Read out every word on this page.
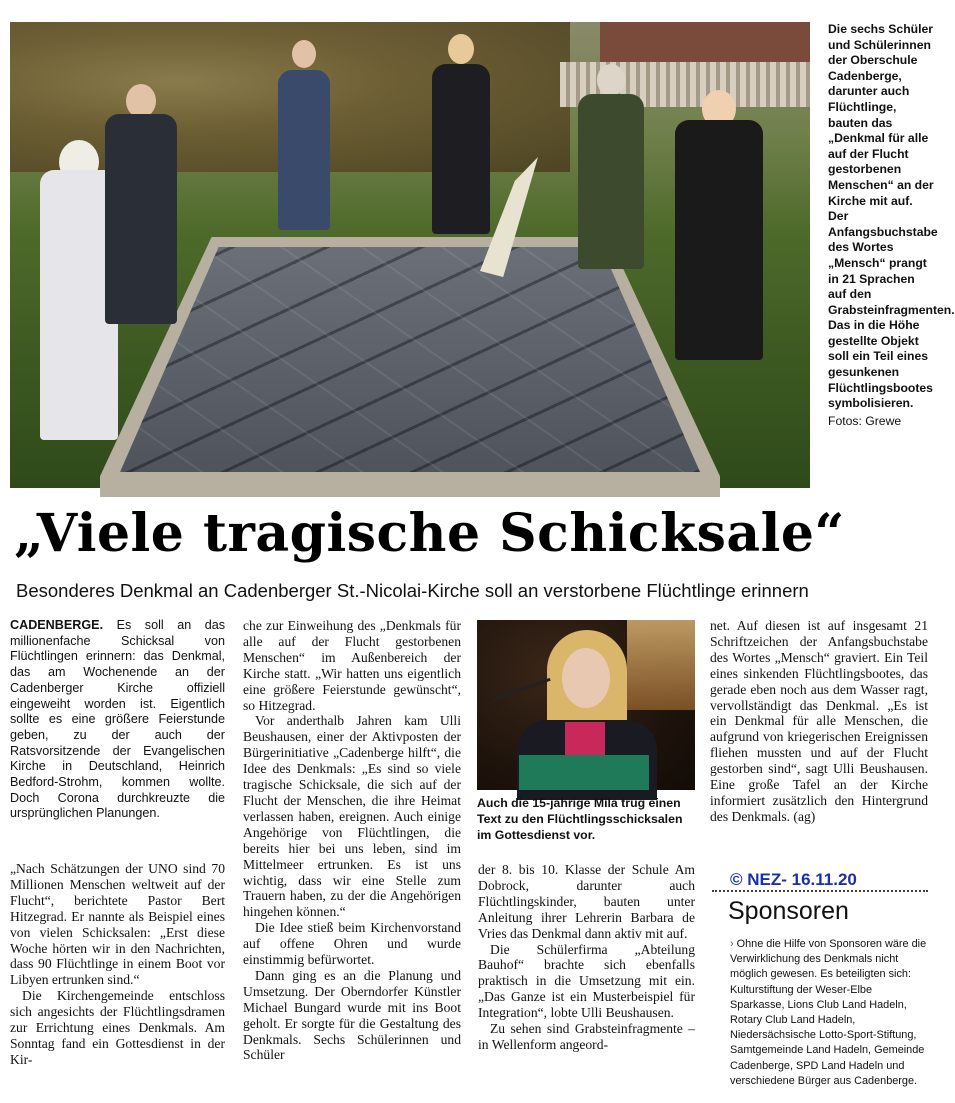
Die sechs Schüler und Schülerinnen der Oberschule Cadenberge, darunter auch Flüchtlinge, bauten das „Denkmal für alle auf der Flucht gestorbenen Menschen“ an der Kirche mit auf. Der Anfangsbuchstabe des Wortes „Mensch“ prangt in 21 Sprachen auf den Grabsteinfragmenten. Das in die Höhe gestellte Objekt soll ein Teil eines gesunkenen Flüchtlingsbootes symbolisieren.
Fotos: Grewe
„Viele tragische Schicksale“
Besonderes Denkmal an Cadenberger St.-Nicolai-Kirche soll an verstorbene Flüchtlinge erinnern

CADENBERGE. Es soll an das millionenfache Schicksal von Flüchtlingen erinnern: das Denkmal, das am Wochenende an der Cadenberger Kirche offiziell eingeweiht worden ist. Eigentlich sollte es eine größere Feierstunde geben, zu der auch der Ratsvorsitzende der Evangelischen Kirche in Deutschland, Heinrich Bedford-Strohm, kommen wollte. Doch Corona durchkreuzte die ursprünglichen Planungen.

„Nach Schätzungen der UNO sind 70 Millionen Menschen weltweit auf der Flucht“, berichtete Pastor Bert Hitzegrad. Er nannte als Beispiel eines von vielen Schicksalen: „Erst diese Woche hörten wir in den Nachrichten, dass 90 Flüchtlinge in einem Boot vor Libyen ertrunken sind.“

Die Kirchengemeinde entschloss sich angesichts der Flüchtlingsdramen zur Errichtung eines Denkmals. Am Sonntag fand ein Gottesdienst in der Kir-

che zur Einweihung des „Denkmals für alle auf der Flucht gestorbenen Menschen“ im Außenbereich der Kirche statt. „Wir hatten uns eigentlich eine größere Feierstunde gewünscht“, so Hitzegrad.

Vor anderthalb Jahren kam Ulli Beushausen, einer der Aktivposten der Bürgerinitiative „Cadenberge hilft“, die Idee des Denkmals: „Es sind so viele tragische Schicksale, die sich auf der Flucht der Menschen, die ihre Heimat verlassen haben, ereignen. Auch einige Angehörige von Flüchtlingen, die bereits hier bei uns leben, sind im Mittelmeer ertrunken. Es ist uns wichtig, dass wir eine Stelle zum Trauern haben, zu der die Angehörigen hingehen können.“

Die Idee stieß beim Kirchenvorstand auf offene Ohren und wurde einstimmig befürwortet.

Dann ging es an die Planung und Umsetzung. Der Oberndorfer Künstler Michael Bungard wurde mit ins Boot geholt. Er sorgte für die Gestaltung des Denkmals. Sechs Schülerinnen und Schüler

Auch die 15-jährige Mila trug einen Text zu den Flüchtlingsschicksalen im Gottesdienst vor.

der 8. bis 10. Klasse der Schule Am Dobrock, darunter auch Flüchtlingskinder, bauten unter Anleitung ihrer Lehrerin Barbara de Vries das Denkmal dann aktiv mit auf.

Die Schülerfirma „Abteilung Bauhof“ brachte sich ebenfalls praktisch in die Umsetzung mit ein. „Das Ganze ist ein Musterbeispiel für Integration“, lobte Ulli Beushausen.

Zu sehen sind Grabsteinfragmente – in Wellenform angeord-

net. Auf diesen ist auf insgesamt 21 Schriftzeichen der Anfangsbuchstabe des Wortes „Mensch“ graviert. Ein Teil eines sinkenden Flüchtlingsbootes, das gerade eben noch aus dem Wasser ragt, vervollständigt das Denkmal. „Es ist ein Denkmal für alle Menschen, die aufgrund von kriegerischen Ereignissen fliehen mussten und auf der Flucht gestorben sind“, sagt Ulli Beushausen. Eine große Tafel an der Kirche informiert zusätzlich den Hintergrund des Denkmals. (ag)

© NEZ- 16.11.20
Sponsoren
› Ohne die Hilfe von Sponsoren wäre die Verwirklichung des Denkmals nicht möglich gewesen. Es beteiligten sich: Kulturstiftung der Weser-Elbe Sparkasse, Lions Club Land Hadeln, Rotary Club Land Hadeln, Niedersächsische Lotto-Sport-Stiftung, Samtgemeinde Land Hadeln, Gemeinde Cadenberge, SPD Land Hadeln und verschiedene Bürger aus Cadenberge.
